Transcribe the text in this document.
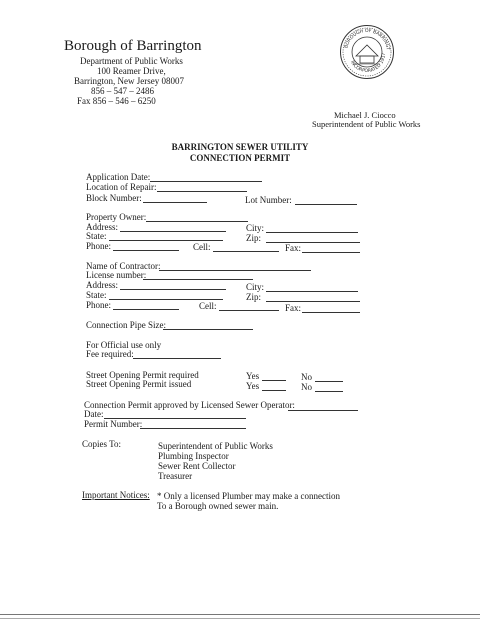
Borough of Barrington
Department of Public Works
100 Reamer Drive,
Barrington, New Jersey 08007
856 – 547 – 2486
Fax 856 – 546 – 6250
BOROUGH OF BARRINGT
INCORPORATED 1917
Michael J. Ciocco
Superintendent of Public Works
BARRINGTON SEWER UTILITY
CONNECTION PERMIT
Application Date:
Location of Repair:
Block Number:	Lot Number:
Property Owner:
Address:	City:
State:	Zip:
Phone:	Cell:	Fax:
Name of Contractor:
License number:
Address:	City:
State:	Zip:
Phone:	Cell:	Fax:
Connection Pipe Size:
For Official use only
Fee required:
Street Opening Permit required	Yes	No
Street Opening Permit issued	Yes	No
Connection Permit approved by Licensed Sewer Operator:
Date:
Permit Number:
Copies To:	Superintendent of Public Works
Plumbing Inspector
Sewer Rent Collector
Treasurer
Important Notices: * Only a licensed Plumber may make a connection
To a Borough owned sewer main.
